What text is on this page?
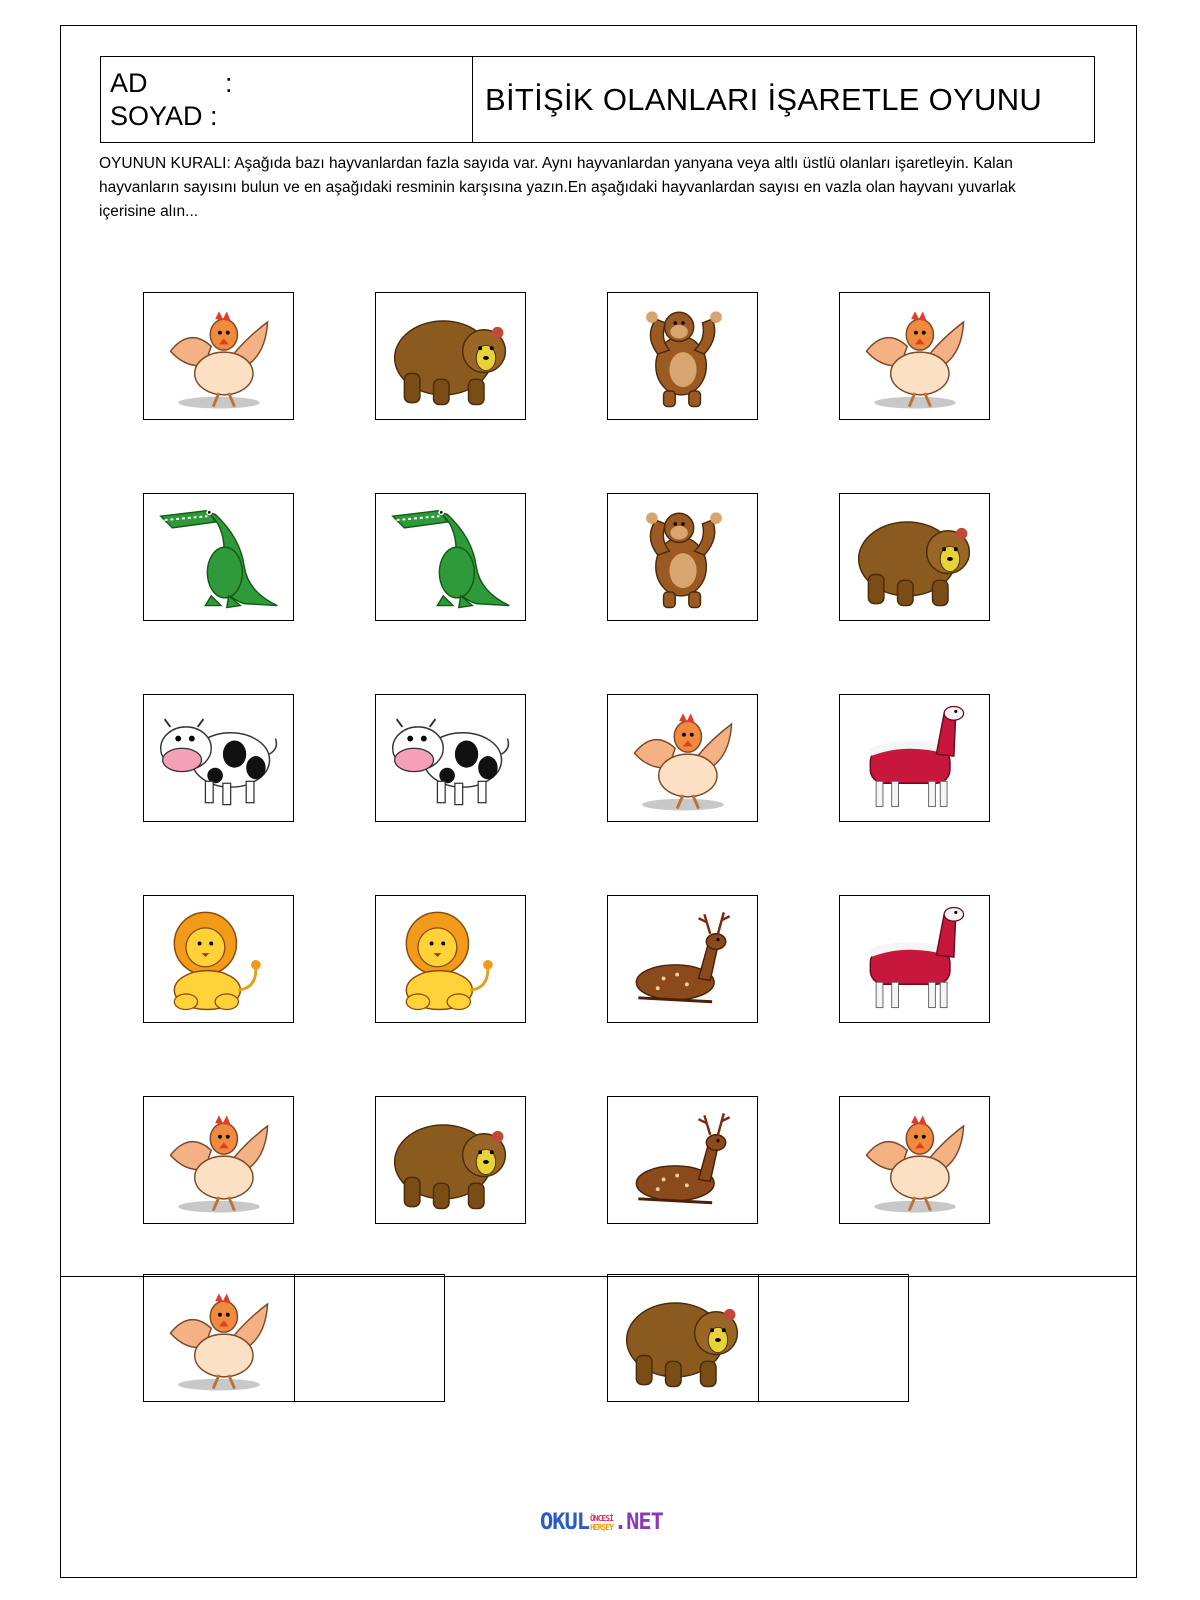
AD	:
SOYAD :	BİTİŞİK OLANLARI İŞARETLE OYUNU
OYUNUN KURALI: Aşağıda bazı hayvanlardan fazla sayıda var. Aynı hayvanlardan yanyana veya altlı üstlü olanları işaretleyin. Kalan hayvanların sayısını bulun ve en aşağıdaki resminin karşısına yazın.En aşağıdaki hayvanlardan sayısı en vazla olan hayvanı yuvarlak içerisine alın...
OKUL ÖNCESİ
HERŞEY .NET
